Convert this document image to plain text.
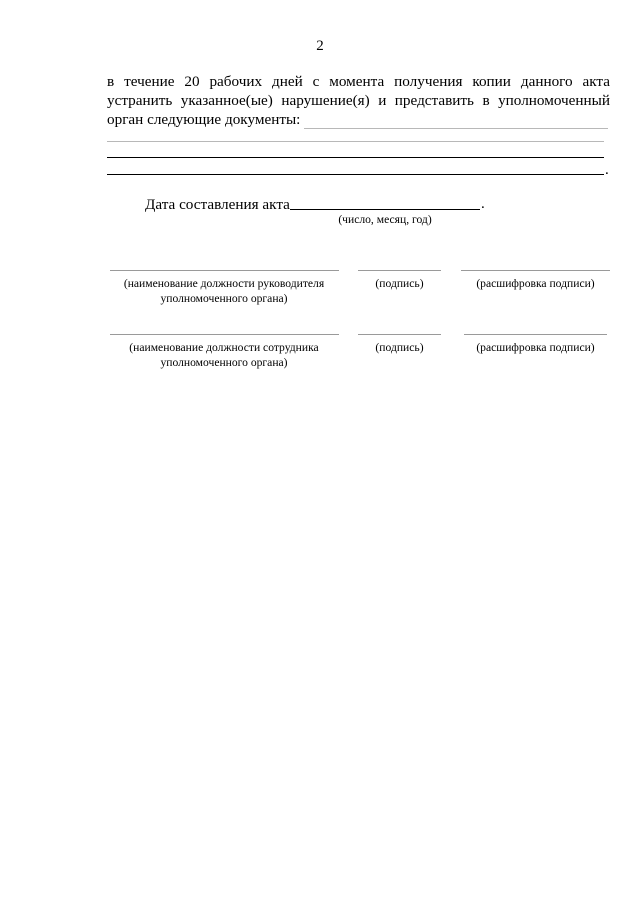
2
в течение 20 рабочих дней с момента получения копии данного акта
устранить указанное(ые) нарушение(я) и представить в уполномоченный
орган следующие документы:
.
Дата составления акта	.
(число, месяц, год)
(наименование должности руководителя
уполномоченного органа)
(подпись)	(расшифровка подписи)
(наименование должности сотрудника
уполномоченного органа)
(подпись)	(расшифровка подписи)
